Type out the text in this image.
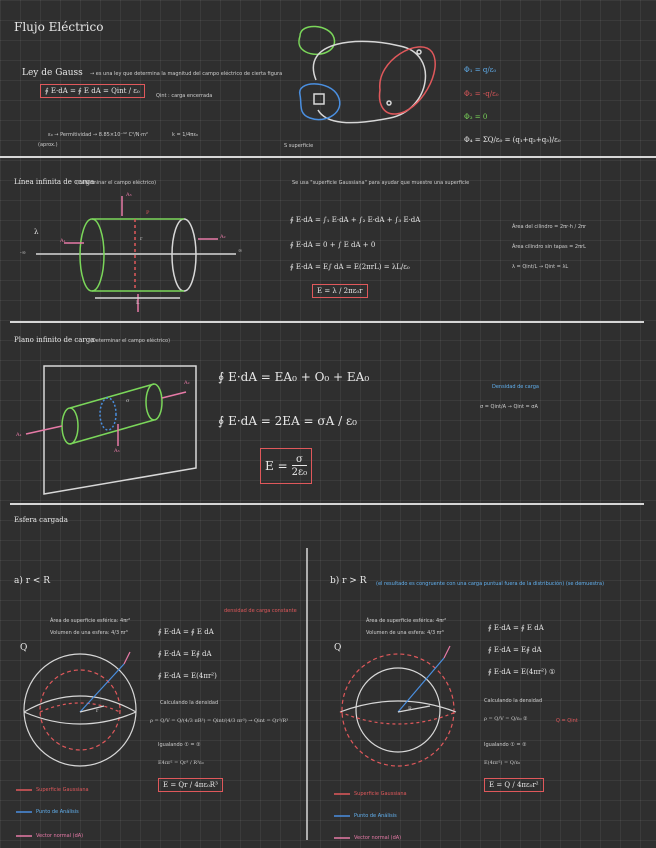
Flujo Eléctrico
Ley de Gauss → es una ley que determina la magnitud del campo eléctrico de cierta figura
∮ E·dA = ∮ E dA = Qint / ε₀
Qint : carga encerrada
ε₀ → Permitividad → 8.85×10⁻¹² C²/N·m²
(aprox.)
k = 1/4πε₀
S superficie
Φ₁ = q/ε₀
Φ₂ = -q/ε₀
Φ₃ = 0
Φ₄ = ΣQ/ε₀ = (q₁+q₂+q₃)/ε₀
Línea infinita de carga
(Determinar el campo eléctrico)	Se usa "superficie Gaussiana" para ayudar que muestre una superficie
∮ E·dA = ∫₁ E·dA + ∫₂ E·dA + ∫₃ E·dA
∮ E·dA = 0 + ∫ E dA + 0
∮ E·dA = E∫ dA = E(2πrL) = λL/ε₀
E = λ / 2πε₀r
Área del cilindro = 2πr·h / 2πr
Área cilindro sin tapas = 2πrL
λ = Qint/L → Qint = λL
λ
P
r
L
A₁
A₂
A₃
∞
-∞
Plano infinito de carga
(Determinar el campo eléctrico)
∮ E·dA = EA₀ + O₀ + EA₀
∮ E·dA = 2EA = σA / ε₀
$E = \frac{\sigma}{\text{2ε₀}}$
Densidad de carga
σ = Qint/A → Qint = σA
A₁
A₂
A₃
σ
Esfera cargada
a) r < R
Área de superficie esférica: 4πr²
Volumen de una esfera: 4/3 πr³
Q
r
densidad de carga constante
∮ E·dA = ∮ E dA
∮ E·dA = E∮ dA
∮ E·dA = E(4πr²)
Calculando la densidad
ρ = Q/V = Q/(4/3 πR³) = Qint/(4/3 πr³) → Qint = Qr³/R³
Igualando ① = ②
E4πr² = Qr³ / R³ε₀
E = Qr / 4πε₀R³
Superficie Gaussiana
Punto de Análisis
Vector normal (dA)
b) r > R (el resultado es congruente con una carga puntual fuera de la distribución) (se demuestra)
Área de superficie esférica: 4πr²
Volumen de una esfera: 4/3 πr³
Q
R
∮ E·dA = ∮ E dA
∮ E·dA = E∮ dA
∮ E·dA = E(4πr²) ①
Calculando la densidad
ρ = Q/V = Q/ε₀ ②	Q = Qint
Igualando ① = ②
E(4πr²) = Q/ε₀
E = Q / 4πε₀r²
Superficie Gaussiana
Punto de Análisis
Vector normal (dA)
